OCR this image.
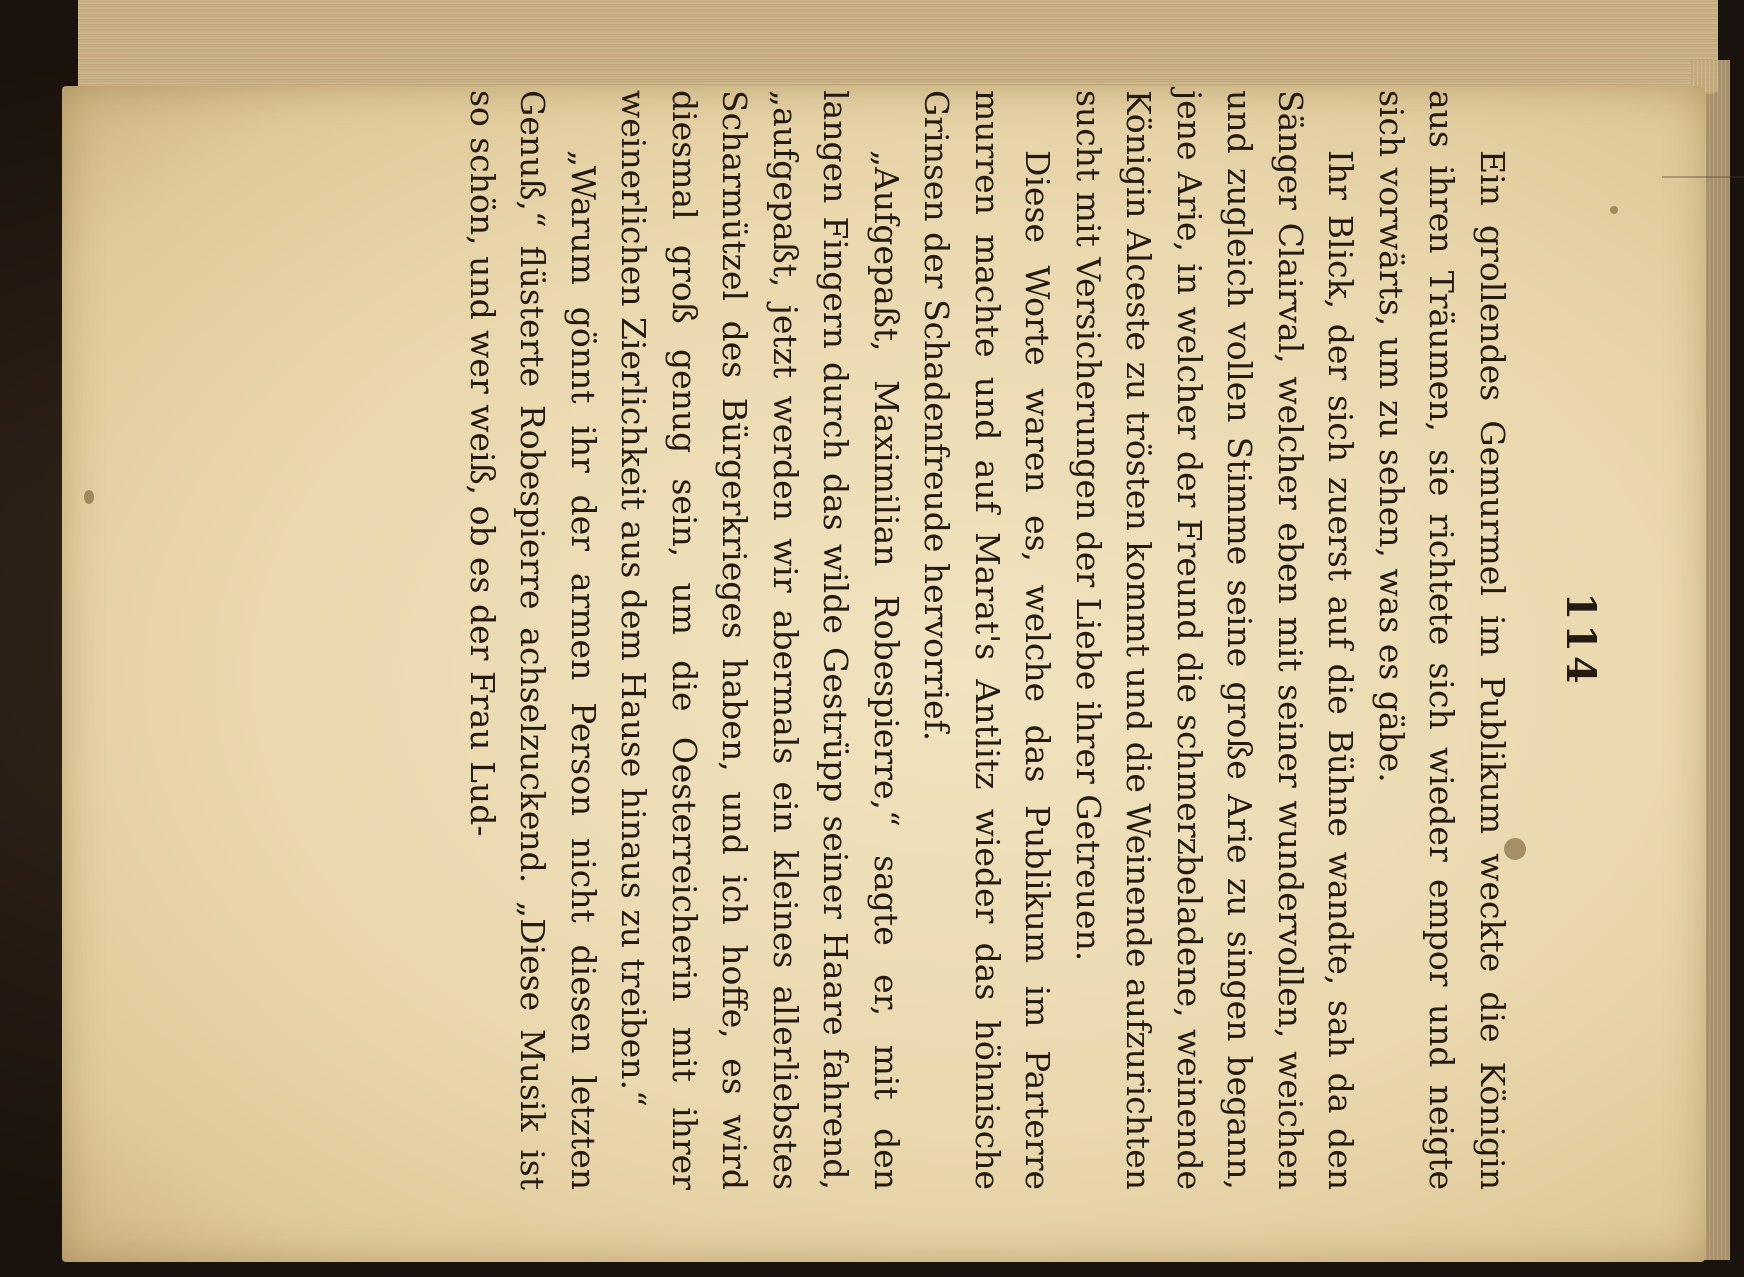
114

Ein grollendes Gemurmel im Publikum weckte die Königin aus ihren Träumen, sie richtete sich wieder empor und neigte sich vorwärts, um zu sehen, was es gäbe.

Ihr Blick, der sich zuerst auf die Bühne wandte, sah da den Sänger Clairval, welcher eben mit seiner wundervollen, weichen und zugleich vollen Stimme seine große Arie zu singen begann, jene Arie, in welcher der Freund die schmerzbeladene, weinende Königin Alceste zu trösten kommt und die Weinende aufzurichten sucht mit Versicherungen der Liebe ihrer Getreuen.

Diese Worte waren es, welche das Publikum im Parterre murren machte und auf Marat's Antlitz wieder das höhnische Grinsen der Schadenfreude hervorrief.

„Aufgepaßt, Maximilian Robespierre,“ sagte er, mit den langen Fingern durch das wilde Gestrüpp seiner Haare fahrend, „aufgepaßt, jetzt werden wir abermals ein kleines allerliebstes Scharmützel des Bürgerkrieges haben, und ich hoffe, es wird diesmal groß genug sein, um die Oesterreicherin mit ihrer weinerlichen Zierlichkeit aus dem Hause hinaus zu treiben.“

„Warum gönnt ihr der armen Person nicht diesen letzten Genuß,“ flüsterte Robespierre achselzuckend. „Diese Musik ist so schön, und wer weiß, ob es der Frau Lud-
